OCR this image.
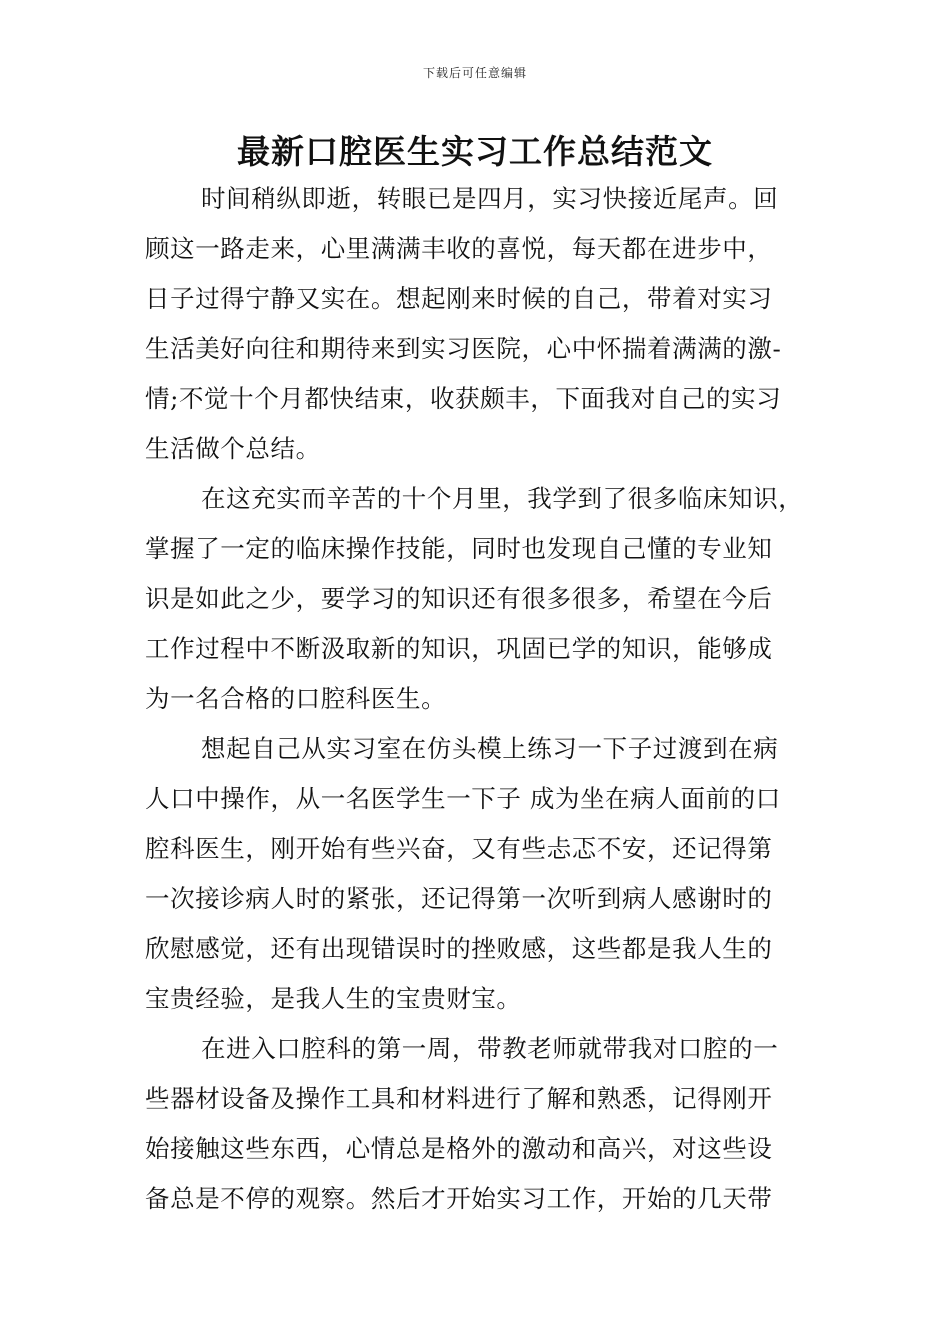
下载后可任意编辑
最新口腔医生实习工作总结范文
时间稍纵即逝，转眼已是四月，实习快接近尾声。回
顾这一路走来，心里满满丰收的喜悦，每天都在进步中，
日子过得宁静又实在。想起刚来时候的自己，带着对实习
生活美好向往和期待来到实习医院，心中怀揣着满满的激-
情;不觉十个月都快结束，收获颇丰，下面我对自己的实习
生活做个总结。
在这充实而辛苦的十个月里，我学到了很多临床知识，
掌握了一定的临床操作技能，同时也发现自己懂的专业知
识是如此之少，要学习的知识还有很多很多，希望在今后
工作过程中不断汲取新的知识，巩固已学的知识，能够成
为一名合格的口腔科医生。
想起自己从实习室在仿头模上练习一下子过渡到在病
人口中操作，从一名医学生一下子 成为坐在病人面前的口
腔科医生，刚开始有些兴奋，又有些忐忑不安，还记得第
一次接诊病人时的紧张，还记得第一次听到病人感谢时的
欣慰感觉，还有出现错误时的挫败感，这些都是我人生的
宝贵经验，是我人生的宝贵财宝。
在进入口腔科的第一周，带教老师就带我对口腔的一
些器材设备及操作工具和材料进行了解和熟悉，记得刚开
始接触这些东西，心情总是格外的激动和高兴，对这些设
备总是不停的观察。然后才开始实习工作，开始的几天带
